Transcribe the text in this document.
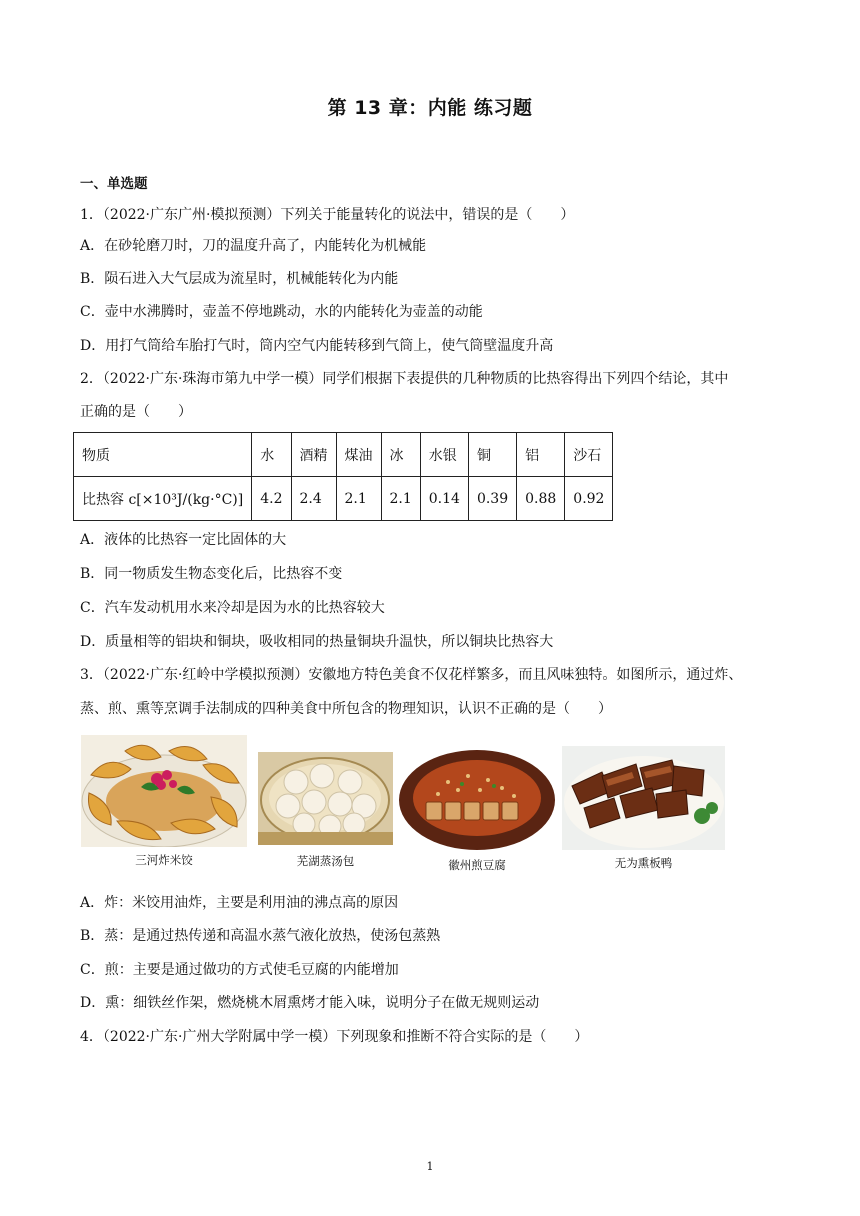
第 13 章：内能 练习题
一、单选题
1．（2022·广东广州·模拟预测）下列关于能量转化的说法中，错误的是（　　）
A．在砂轮磨刀时，刀的温度升高了，内能转化为机械能
B．陨石进入大气层成为流星时，机械能转化为内能
C．壶中水沸腾时，壶盖不停地跳动，水的内能转化为壶盖的动能
D．用打气筒给车胎打气时，筒内空气内能转移到气筒上，使气筒壁温度升高
2．（2022·广东·珠海市第九中学一模）同学们根据下表提供的几种物质的比热容得出下列四个结论，其中
正确的是（　　）
物质	水	酒精	煤油	冰	水银	铜	铝	沙石
比热容 c[×10³J/(kg·°C)]	4.2	2.4	2.1	2.1	0.14	0.39	0.88	0.92
A．液体的比热容一定比固体的大
B．同一物质发生物态变化后，比热容不变
C．汽车发动机用水来冷却是因为水的比热容较大
D．质量相等的铝块和铜块，吸收相同的热量铜块升温快，所以铜块比热容大
3．（2022·广东·红岭中学模拟预测）安徽地方特色美食不仅花样繁多，而且风味独特。如图所示，通过炸、
蒸、煎、熏等烹调手法制成的四种美食中所包含的物理知识，认识不正确的是（　　）
三河炸米饺	芜湖蒸汤包	徽州煎豆腐	无为熏板鸭
A．炸：米饺用油炸，主要是利用油的沸点高的原因
B．蒸：是通过热传递和高温水蒸气液化放热，使汤包蒸熟
C．煎：主要是通过做功的方式使毛豆腐的内能增加
D．熏：细铁丝作架，燃烧桃木屑熏烤才能入味，说明分子在做无规则运动
4．（2022·广东·广州大学附属中学一模）下列现象和推断不符合实际的是（　　）
1
